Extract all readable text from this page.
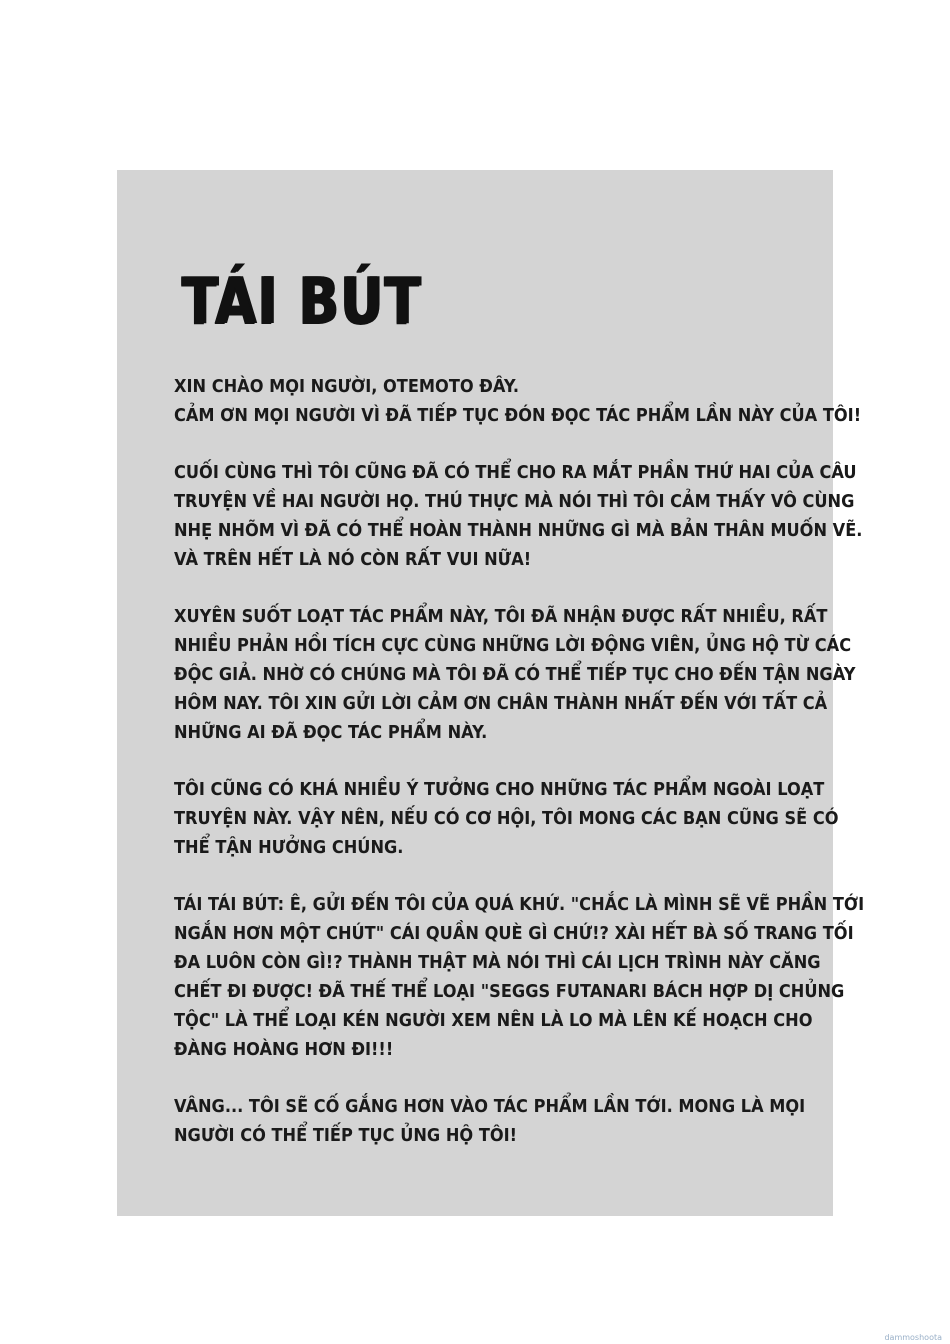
TÁI BÚT
XIN CHÀO MỌI NGƯỜI, OTEMOTO ĐÂY.
CẢM ƠN MỌI NGƯỜI VÌ ĐÃ TIẾP TỤC ĐÓN ĐỌC TÁC PHẨM LẦN NÀY CỦA TÔI!
CUỐI CÙNG THÌ TÔI CŨNG ĐÃ CÓ THỂ CHO RA MẮT PHẦN THỨ HAI CỦA CÂU
TRUYỆN VỀ HAI NGƯỜI HỌ. THÚ THỰC MÀ NÓI THÌ TÔI CẢM THẤY VÔ CÙNG
NHẸ NHÕM VÌ ĐÃ CÓ THỂ HOÀN THÀNH NHỮNG GÌ MÀ BẢN THÂN MUỐN VẼ.
VÀ TRÊN HẾT LÀ NÓ CÒN RẤT VUI NỮA!
XUYÊN SUỐT LOẠT TÁC PHẨM NÀY, TÔI ĐÃ NHẬN ĐƯỢC RẤT NHIỀU, RẤT
NHIỀU PHẢN HỒI TÍCH CỰC CÙNG NHỮNG LỜI ĐỘNG VIÊN, ỦNG HỘ TỪ CÁC
ĐỘC GIẢ. NHỜ CÓ CHÚNG MÀ TÔI ĐÃ CÓ THỂ TIẾP TỤC CHO ĐẾN TẬN NGÀY
HÔM NAY. TÔI XIN GỬI LỜI CẢM ƠN CHÂN THÀNH NHẤT ĐẾN VỚI TẤT CẢ
NHỮNG AI ĐÃ ĐỌC TÁC PHẨM NÀY.
TÔI CŨNG CÓ KHÁ NHIỀU Ý TƯỞNG CHO NHỮNG TÁC PHẨM NGOÀI LOẠT
TRUYỆN NÀY. VẬY NÊN, NẾU CÓ CƠ HỘI, TÔI MONG CÁC BẠN CŨNG SẼ CÓ
THỂ TẬN HƯỞNG CHÚNG.
TÁI TÁI BÚT: Ê, GỬI ĐẾN TÔI CỦA QUÁ KHỨ. "CHẮC LÀ MÌNH SẼ VẼ PHẦN TỚI
NGẮN HƠN MỘT CHÚT" CÁI QUẦN QUÈ GÌ CHỨ!? XÀI HẾT BÀ SỐ TRANG TỐI
ĐA LUÔN CÒN GÌ!? THÀNH THẬT MÀ NÓI THÌ CÁI LỊCH TRÌNH NÀY CĂNG
CHẾT ĐI ĐƯỢC! ĐÃ THẾ THỂ LOẠI "SEGGS FUTANARI BÁCH HỢP DỊ CHỦNG
TỘC" LÀ THỂ LOẠI KÉN NGƯỜI XEM NÊN LÀ LO MÀ LÊN KẾ HOẠCH CHO
ĐÀNG HOÀNG HƠN ĐI!!!
VÂNG... TÔI SẼ CỐ GẮNG HƠN VÀO TÁC PHẨM LẦN TỚI. MONG LÀ MỌI
NGƯỜI CÓ THỂ TIẾP TỤC ỦNG HỘ TÔI!
dammoshoota
